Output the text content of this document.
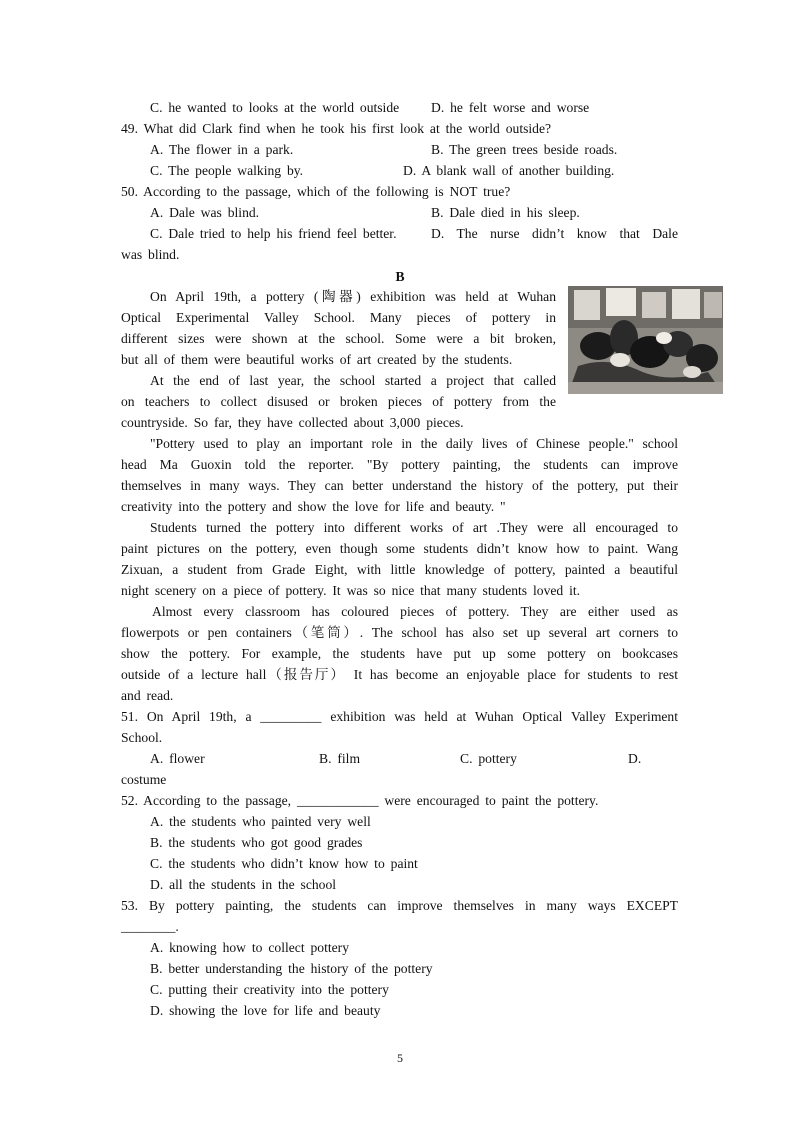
C. he wanted to looks at the world outside D. he felt worse and worse
49. What did Clark find when he took his first look at the world outside?
A. The flower in a park.	B. The green trees beside roads.
C. The people walking by.	D. A blank wall of another building.
50. According to the passage, which of the following is NOT true?
A. Dale was blind.	B. Dale died in his sleep.
C. Dale tried to help his friend feel better.	D. The nurse didn’t know that Dale
was blind.
B
On April 19th, a pottery (陶器) exhibition was held at Wuhan
Optical Experimental Valley School. Many pieces of pottery in
different sizes were shown at the school. Some were a bit broken,
but all of them were beautiful works of art created by the students.
At the end of last year, the school started a project that called
on teachers to collect disused or broken pieces of pottery from the
countryside. So far, they have collected about 3,000 pieces.
"Pottery used to play an important role in the daily lives of Chinese people." school
head Ma Guoxin told the reporter. "By pottery painting, the students can improve
themselves in many ways. They can better understand the history of the pottery, put their
creativity into the pottery and show the love for life and beauty. "
Students turned the pottery into different works of art .They were all encouraged to
paint pictures on the pottery, even though some students didn’t know how to paint. Wang
Zixuan, a student from Grade Eight, with little knowledge of pottery, painted a beautiful
night scenery on a piece of pottery. It was so nice that many students loved it.
Almost every classroom has coloured pieces of pottery. They are either used as
flowerpots or pen containers（笔筒）. The school has also set up several art corners to
show the pottery. For example, the students have put up some pottery on bookcases
outside of a lecture hall（报告厅） It has become an enjoyable place for students to rest
and read.
51. On April 19th, a _________ exhibition was held at Wuhan Optical Valley Experiment
School.
A. flower	B. film	C. pottery	D.
costume
52. According to the passage, ____________ were encouraged to paint the pottery.
A. the students who painted very well
B. the students who got good grades
C. the students who didn’t know how to paint
D. all the students in the school
53. By pottery painting, the students can improve themselves in many ways EXCEPT
________.
A. knowing how to collect pottery
B. better understanding the history of the pottery
C. putting their creativity into the pottery
D. showing the love for life and beauty
5
